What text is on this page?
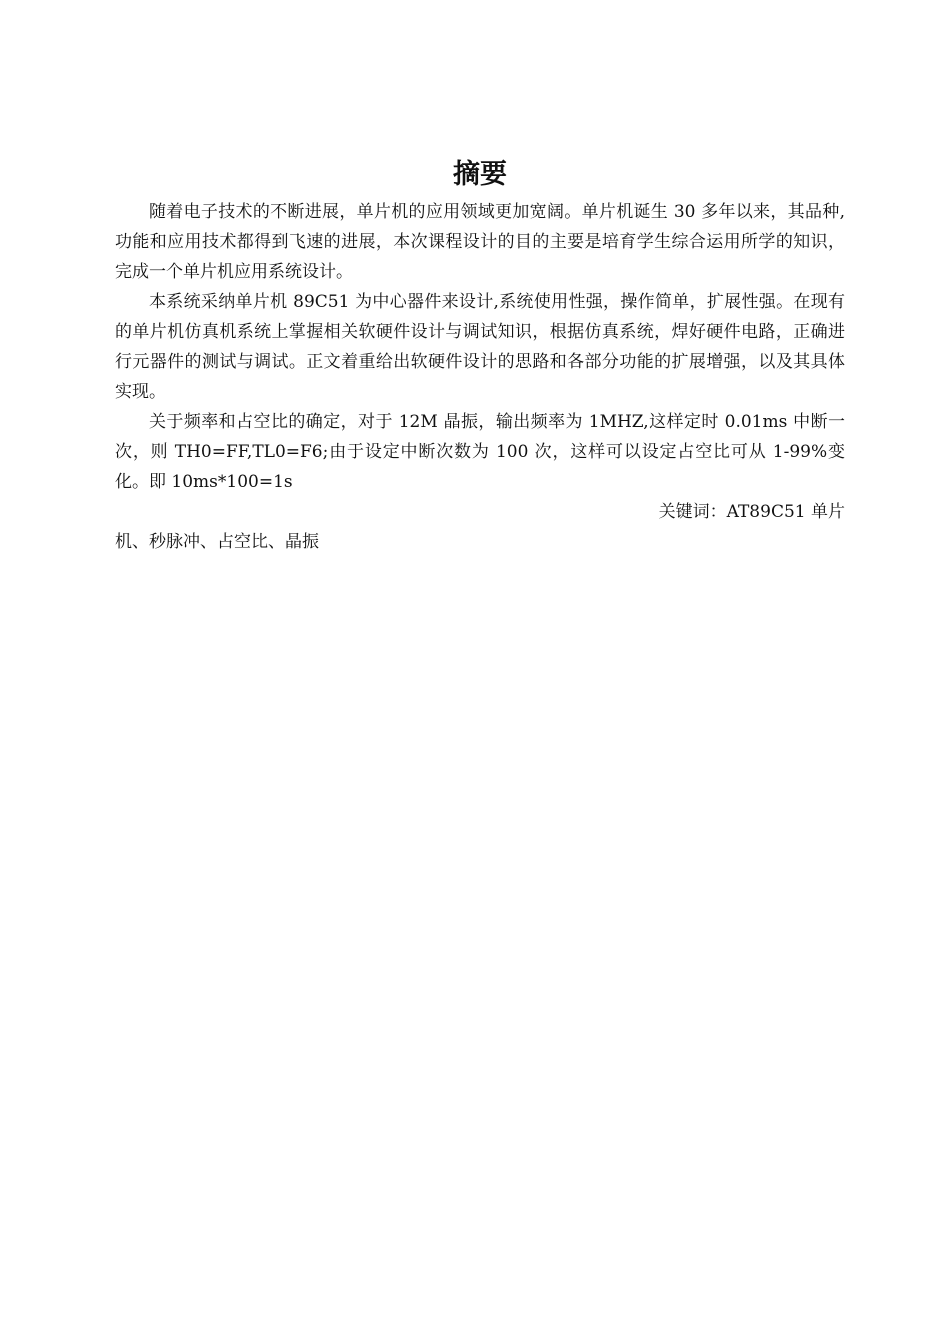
摘要

随着电子技术的不断进展，单片机的应用领域更加宽阔。单片机诞生 30 多年以来，其品种,功能和应用技术都得到飞速的进展，本次课程设计的目的主要是培育学生综合运用所学的知识，完成一个单片机应用系统设计。

本系统采纳单片机 89C51 为中心器件来设计,系统使用性强，操作简单，扩展性强。在现有的单片机仿真机系统上掌握相关软硬件设计与调试知识，根据仿真系统，焊好硬件电路，正确进行元器件的测试与调试。正文着重给出软硬件设计的思路和各部分功能的扩展增强，以及其具体实现。

关于频率和占空比的确定，对于 12M 晶振，输出频率为 1MHZ,这样定时 0.01ms 中断一次，则 TH0=FF,TL0=F6;由于设定中断次数为 100 次，这样可以设定占空比可从 1-99%变化。即 10ms*100=1s

关键词：AT89C51 单片

机、秒脉冲、占空比、晶振
